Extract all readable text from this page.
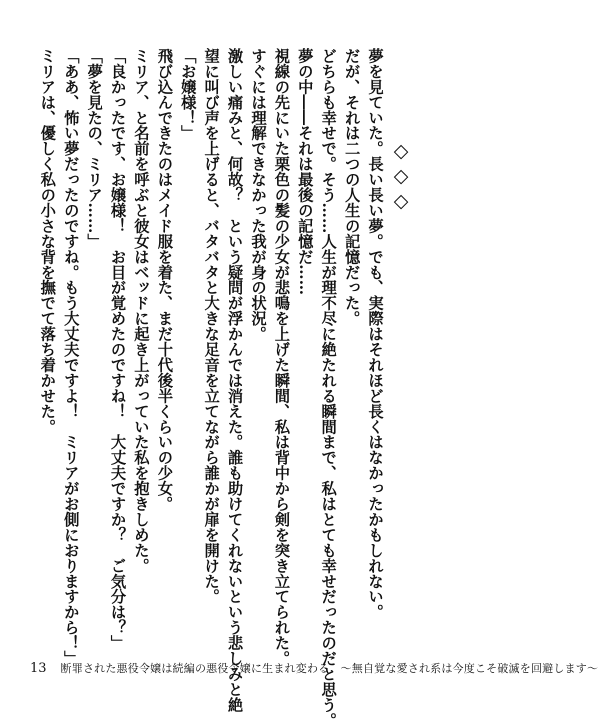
◇◇◇

夢を見ていた。長い長い夢。でも、実際はそれほど長くはなかったかもしれない。

だが、それは二つの人生の記憶だった。

どちらも幸せで。そう……人生が理不尽に絶たれる瞬間まで、私はとても幸せだったのだと思う。

夢の中――それは最後の記憶だ……

視線の先にいた栗色の髪の少女が悲鳴を上げた瞬間、私は背中から剣を突き立てられた。

すぐには理解できなかった我が身の状況。

激しい痛みと、何故？　という疑問が浮かんでは消えた。誰も助けてくれないという悲しみと絶

望に叫び声を上げると、バタバタと大きな足音を立てながら誰かが扉を開けた。

「お嬢様！」

飛び込んできたのはメイド服を着た、まだ十代後半くらいの少女。

ミリア、と名前を呼ぶと彼女はベッドに起き上がっていた私を抱きしめた。

「良かったです、お嬢様！　お目が覚めたのですね！　大丈夫ですか？　ご気分は？」

「夢を見たの、ミリア……」

「ああ、怖い夢だったのですね。もう大丈夫ですよ！　ミリアがお側におりますから！」

ミリアは、優しく私の小さな背を撫でて落ち着かせた。

13 断罪された悪役令嬢は続編の悪役令嬢に生まれ変わる　～無自覚な愛され系は今度こそ破滅を回避します～
